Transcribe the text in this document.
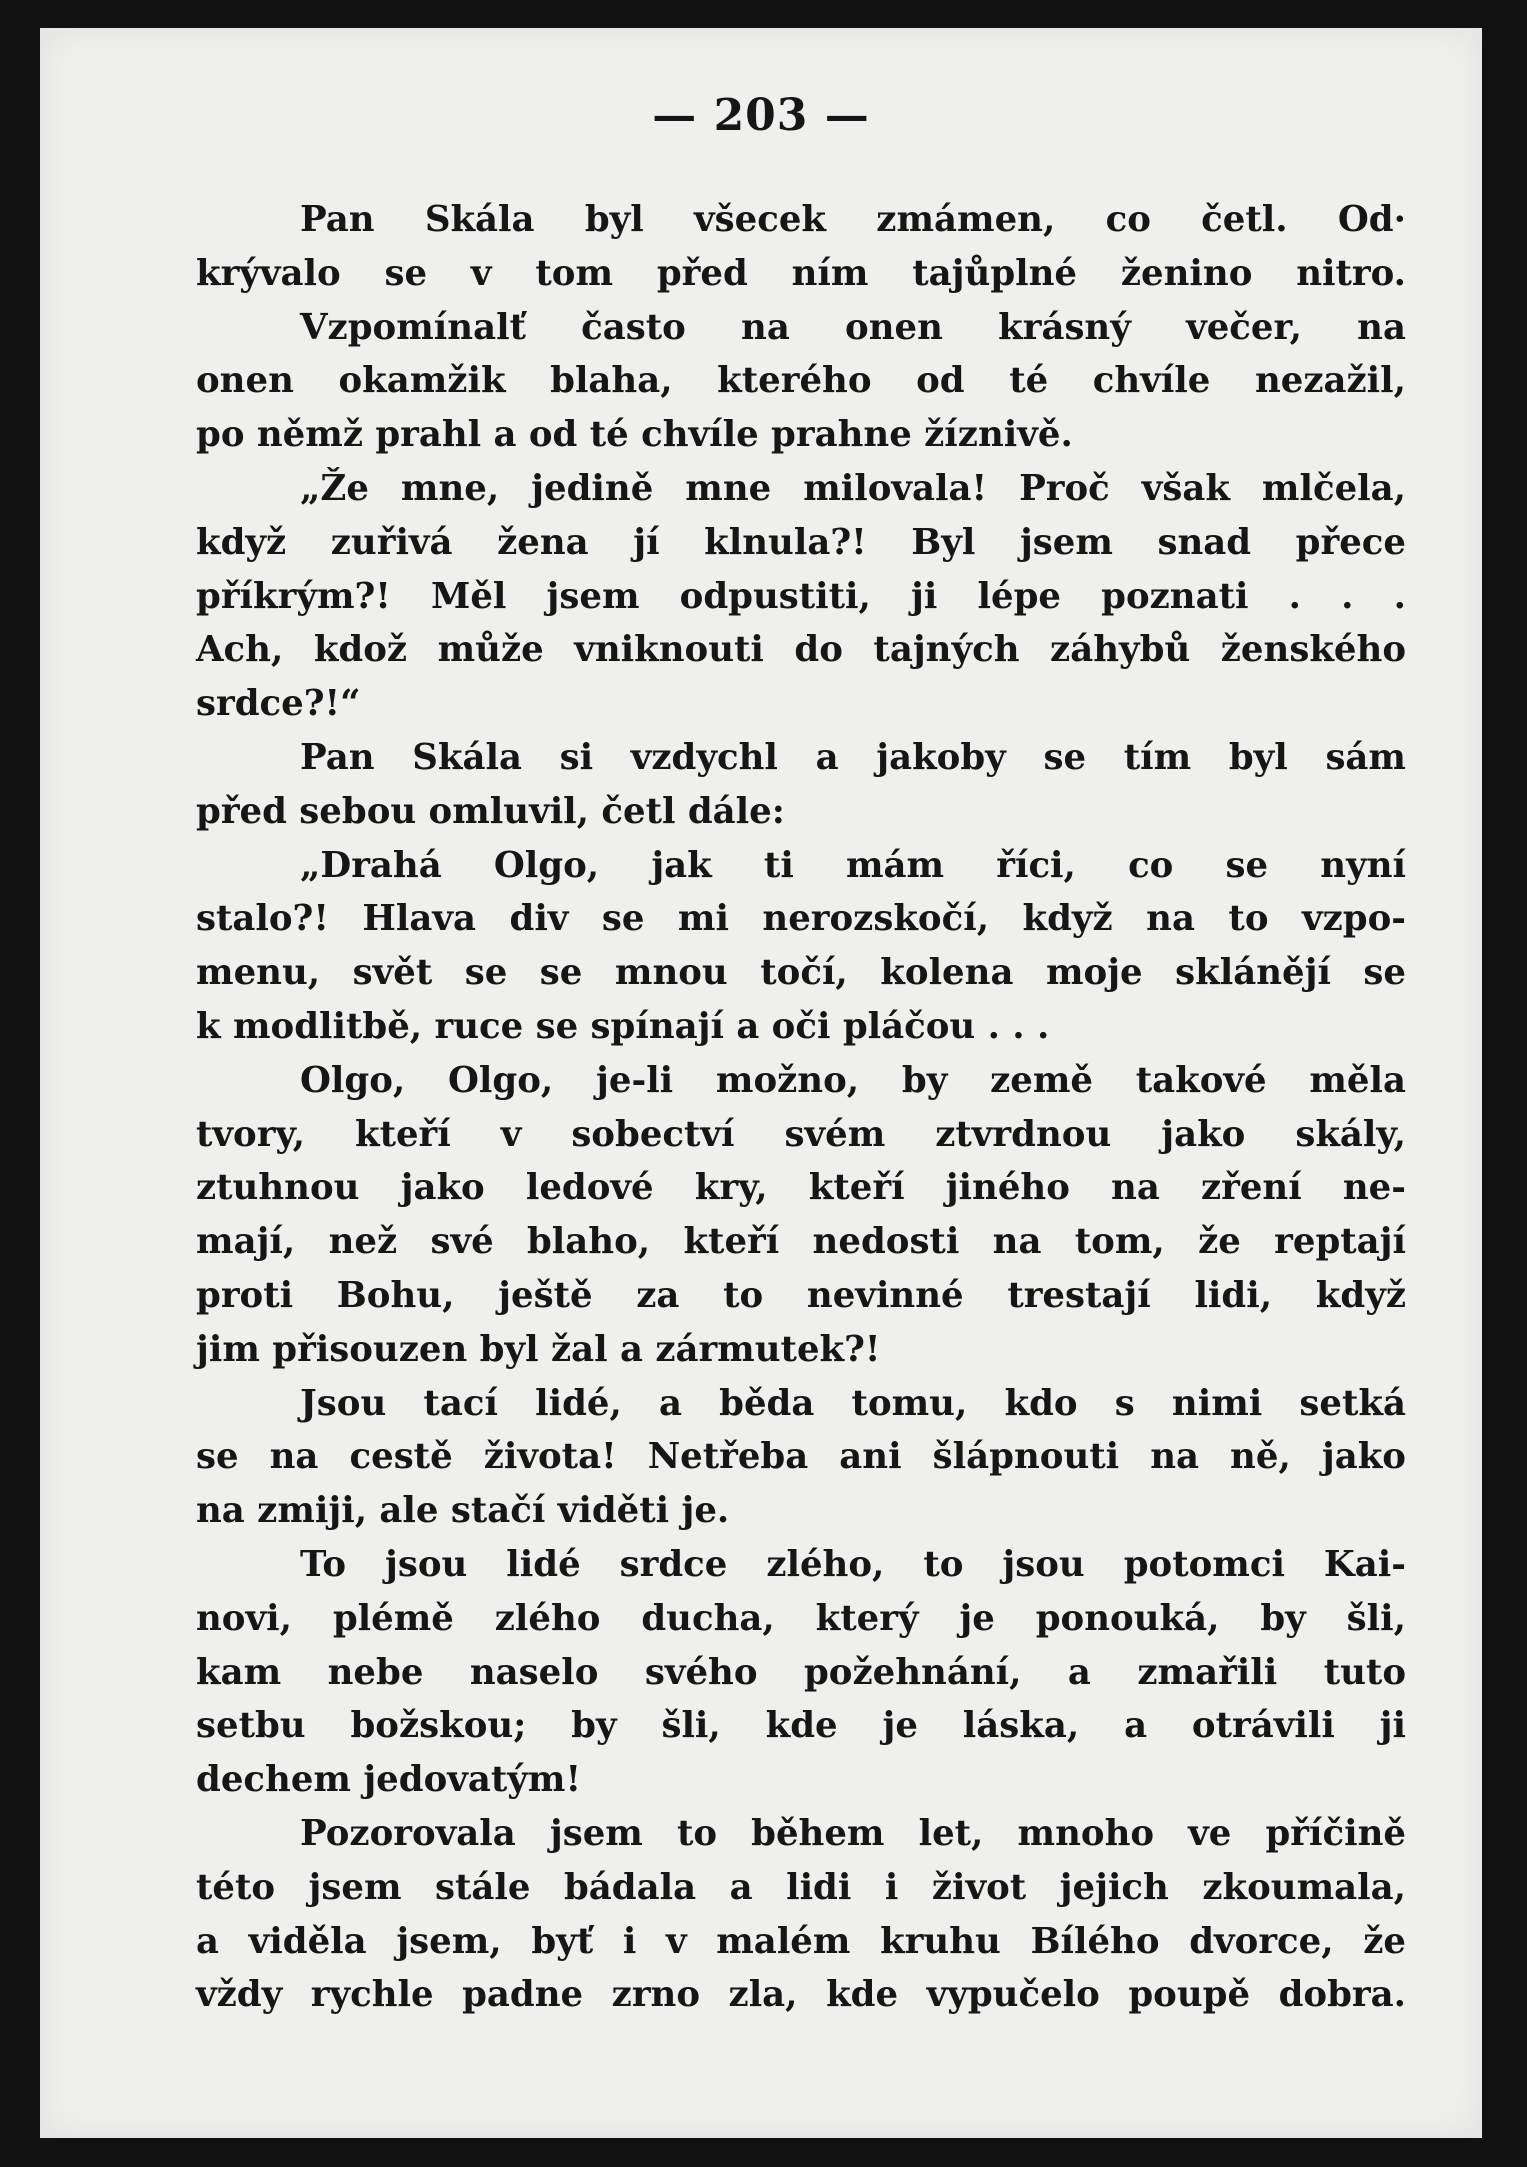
— 203 —
Pan Skála byl všecek zmámen, co četl. Od·
krývalo se v tom před ním tajůplné ženino nitro.
Vzpomínalť často na onen krásný večer, na
onen okamžik blaha, kterého od té chvíle nezažil,
po němž prahl a od té chvíle prahne žíznivě.
„Že mne, jedině mne milovala! Proč však mlčela,
když zuřivá žena jí klnula?! Byl jsem snad přece
příkrým?! Měl jsem odpustiti, ji lépe poznati . . .
Ach, kdož může vniknouti do tajných záhybů ženského
srdce?!“
Pan Skála si vzdychl a jakoby se tím byl sám
před sebou omluvil, četl dále:
„Drahá Olgo, jak ti mám říci, co se nyní
stalo?! Hlava div se mi nerozskočí, když na to vzpo-
menu, svět se se mnou točí, kolena moje sklánějí se
k modlitbě, ruce se spínají a oči pláčou . . .
Olgo, Olgo, je-li možno, by země takové měla
tvory, kteří v sobectví svém ztvrdnou jako skály,
ztuhnou jako ledové kry, kteří jiného na zření ne-
mají, než své blaho, kteří nedosti na tom, že reptají
proti Bohu, ještě za to nevinné trestají lidi, když
jim přisouzen byl žal a zármutek?!
Jsou tací lidé, a běda tomu, kdo s nimi setká
se na cestě života! Netřeba ani šlápnouti na ně, jako
na zmiji, ale stačí viděti je.
To jsou lidé srdce zlého, to jsou potomci Kai-
novi, plémě zlého ducha, který je ponouká, by šli,
kam nebe naselo svého požehnání, a zmařili tuto
setbu božskou; by šli, kde je láska, a otrávili ji
dechem jedovatým!
Pozorovala jsem to během let, mnoho ve příčině
této jsem stále bádala a lidi i život jejich zkoumala,
a viděla jsem, byť i v malém kruhu Bílého dvorce, že
vždy rychle padne zrno zla, kde vypučelo poupě dobra.
